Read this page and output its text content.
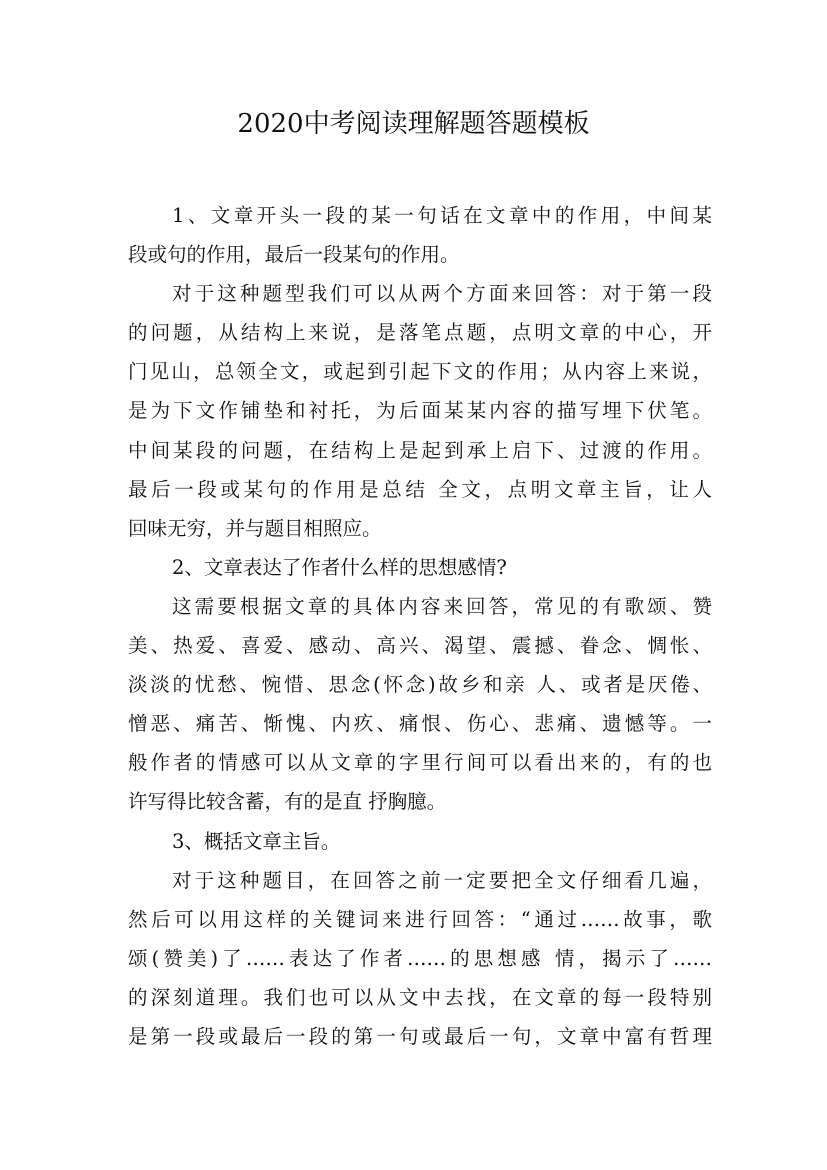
2020中考阅读理解题答题模板
1、文章开头一段的某一句话在文章中的作用，中间某
段或句的作用，最后一段某句的作用。
对于这种题型我们可以从两个方面来回答：对于第一段
的问题，从结构上来说，是落笔点题，点明文章的中心，开
门见山，总领全文，或起到引起下文的作用；从内容上来说，
是为下文作铺垫和衬托，为后面某某内容的描写埋下伏笔。
中间某段的问题，在结构上是起到承上启下、过渡的作用。
最后一段或某句的作用是总结 全文，点明文章主旨，让人
回味无穷，并与题目相照应。
2、文章表达了作者什么样的思想感情?
这需要根据文章的具体内容来回答，常见的有歌颂、赞
美、热爱、喜爱、感动、高兴、渴望、震撼、眷念、惆怅、
淡淡的忧愁、惋惜、思念(怀念)故乡和亲 人、或者是厌倦、
憎恶、痛苦、惭愧、内疚、痛恨、伤心、悲痛、遗憾等。一
般作者的情感可以从文章的字里行间可以看出来的，有的也
许写得比较含蓄，有的是直 抒胸臆。
3、概括文章主旨。
对于这种题目，在回答之前一定要把全文仔细看几遍，
然后可以用这样的关键词来进行回答：“通过……故事，歌
颂(赞美)了……表达了作者……的思想感 情，揭示了……
的深刻道理。我们也可以从文中去找，在文章的每一段特别
是第一段或最后一段的第一句或最后一句，文章中富有哲理
